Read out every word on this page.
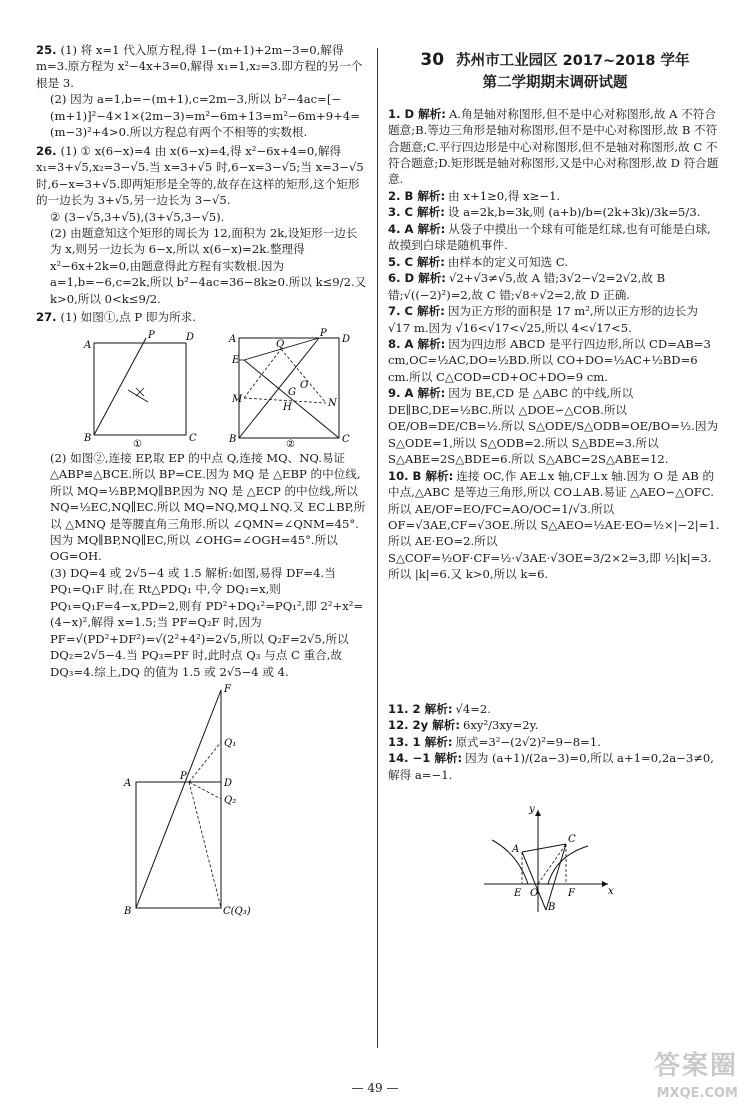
25. (1) 将 x=1 代入原方程,得 1−(m+1)+2m−3=0,解得 m=3.原方程为 x²−4x+3=0,解得 x₁=1,x₂=3.即方程的另一个根是 3.

(2) 因为 a=1,b=−(m+1),c=2m−3,所以 b²−4ac=[−(m+1)]²−4×1×(2m−3)=m²−6m+13=m²−6m+9+4=(m−3)²+4>0.所以方程总有两个不相等的实数根.

26. (1) ① x(6−x)=4 由 x(6−x)=4,得 x²−6x+4=0,解得 x₁=3+√5,x₂=3−√5.当 x=3+√5 时,6−x=3−√5;当 x=3−√5 时,6−x=3+√5.即两矩形是全等的,故存在这样的矩形,这个矩形的一边长为 3+√5,另一边长为 3−√5.

② (3−√5,3+√5),(3+√5,3−√5).

(2) 由题意知这个矩形的周长为 12,面积为 2k,设矩形一边长为 x,则另一边长为 6−x,所以 x(6−x)=2k.整理得 x²−6x+2k=0,由题意得此方程有实数根.因为 a=1,b=−6,c=2k,所以 b²−4ac=36−8k≥0.所以 k≤9/2.又 k>0,所以 0<k≤9/2.

27. (1) 如图①,点 P 即为所求.

A
B	C
P	D
①
A
B	C
D
P
E
Q
M	N
G
H
O
②

(2) 如图②,连接 EP,取 EP 的中点 Q,连接 MQ、NQ.易证 △ABP≌△BCE.所以 BP=CE.因为 MQ 是 △EBP 的中位线,所以 MQ=½BP,MQ∥BP.因为 NQ 是 △ECP 的中位线,所以 NQ=½EC,NQ∥EC.所以 MQ=NQ,MQ⊥NQ.又 EC⊥BP,所以 △MNQ 是等腰直角三角形.所以 ∠QMN=∠QNM=45°.因为 MQ∥BP,NQ∥EC,所以 ∠OHG=∠OGH=45°.所以 OG=OH.

(3) DQ=4 或 2√5−4 或 1.5 解析:如图,易得 DF=4.当 PQ₁=Q₁F 时,在 Rt△PDQ₁ 中,令 DQ₁=x,则 PQ₁=Q₁F=4−x,PD=2,则有 PD²+DQ₁²=PQ₁²,即 2²+x²=(4−x)²,解得 x=1.5;当 PF=Q₂F 时,因为 PF=√(PD²+DF²)=√(2²+4²)=2√5,所以 Q₂F=2√5,所以 DQ₂=2√5−4.当 PQ₃=PF 时,此时点 Q₃ 与点 C 重合,故 DQ₃=4.综上,DQ 的值为 1.5 或 2√5−4 或 4.

F
Q₁
D
Q₂
A
P
B	C(Q₃)
30 苏州市工业园区 2017~2018 学年
第二学期期末调研试题

1. D 解析: A.角是轴对称图形,但不是中心对称图形,故 A 不符合题意;B.等边三角形是轴对称图形,但不是中心对称图形,故 B 不符合题意;C.平行四边形是中心对称图形,但不是轴对称图形,故 C 不符合题意;D.矩形既是轴对称图形,又是中心对称图形,故 D 符合题意.

2. B 解析: 由 x+1≥0,得 x≥−1.

3. C 解析: 设 a=2k,b=3k,则 (a+b)/b=(2k+3k)/3k=5/3.

4. A 解析: 从袋子中摸出一个球有可能是红球,也有可能是白球,故摸到白球是随机事件.

5. C 解析: 由样本的定义可知选 C.

6. D 解析: √2+√3≠√5,故 A 错;3√2−√2=2√2,故 B 错;√((−2)²)=2,故 C 错;√8÷√2=2,故 D 正确.

7. C 解析: 因为正方形的面积是 17 m²,所以正方形的边长为 √17 m.因为 √16<√17<√25,所以 4<√17<5.

8. A 解析: 因为四边形 ABCD 是平行四边形,所以 CD=AB=3 cm,OC=½AC,DO=½BD.所以 CO+DO=½AC+½BD=6 cm.所以 C△COD=CD+OC+DO=9 cm.

9. A 解析: 因为 BE,CD 是 △ABC 的中线,所以 DE∥BC,DE=½BC.所以 △DOE∽△COB.所以 OE/OB=DE/CB=½.所以 S△ODE/S△ODB=OE/BO=½.因为 S△ODE=1,所以 S△ODB=2.所以 S△BDE=3.所以 S△ABE=2S△BDE=6.所以 S△ABC=2S△ABE=12.

10. B 解析: 连接 OC,作 AE⊥x 轴,CF⊥x 轴.因为 O 是 AB 的中点,△ABC 是等边三角形,所以 CO⊥AB.易证 △AEO∽△OFC.所以 AE/OF=EO/FC=AO/OC=1/√3.所以 OF=√3AE,CF=√3OE.所以 S△AEO=½AE·EO=½×|−2|=1.所以 AE·EO=2.所以 S△COF=½OF·CF=½·√3AE·√3OE=3/2×2=3,即 ½|k|=3.所以 |k|=6.又 k>0,所以 k=6.

11. 2 解析: √4=2.

12. 2y 解析: 6xy²/3xy=2y.

13. 1 解析: 原式=3²−(2√2)²=9−8=1.

14. −1 解析: 因为 (a+1)/(2a−3)=0,所以 a+1=0,2a−3≠0,解得 a=−1.

y
x
A
C
E O	F
B
— 49 —
答案圈
MXQE.COM
